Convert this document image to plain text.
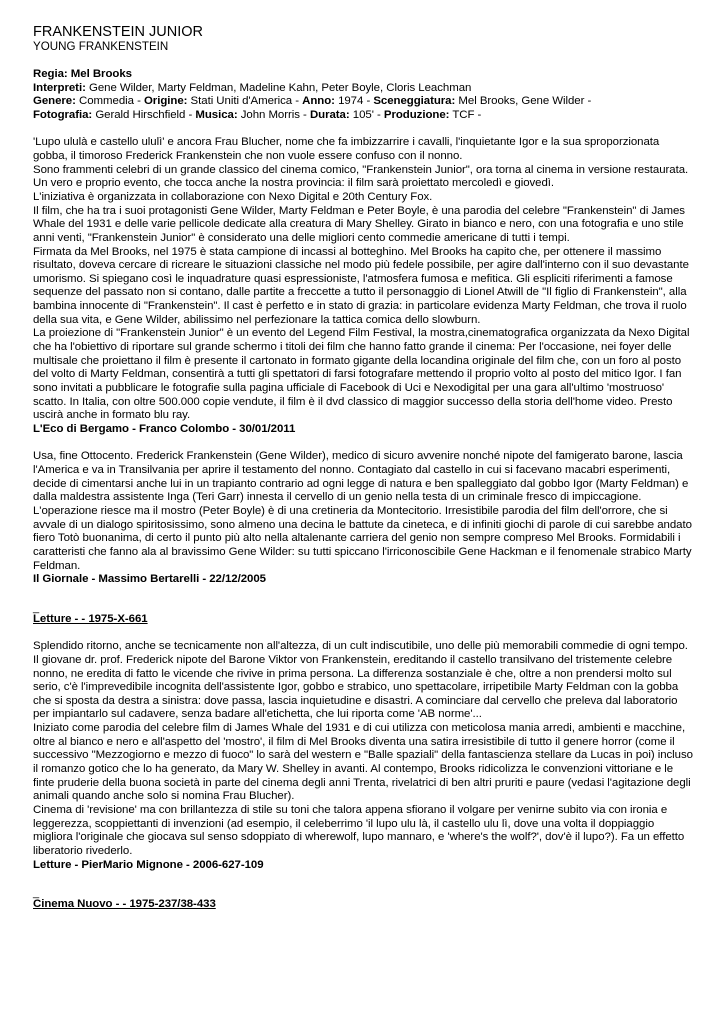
FRANKENSTEIN JUNIOR
YOUNG FRANKENSTEIN

Regia: Mel Brooks

Interpreti: Gene Wilder, Marty Feldman, Madeline Kahn, Peter Boyle, Cloris Leachman

Genere: Commedia - Origine: Stati Uniti d'America - Anno: 1974 - Sceneggiatura: Mel Brooks, Gene Wilder -
Fotografia: Gerald Hirschfield - Musica: John Morris - Durata: 105' - Produzione: TCF -

'Lupo ululà e castello ululì' e ancora Frau Blucher, nome che fa imbizzarrire i cavalli, l'inquietante Igor e la sua sproporzionata gobba, il timoroso Frederick Frankenstein che non vuole essere confuso con il nonno.

Sono frammenti celebri di un grande classico del cinema comico, "Frankenstein Junior", ora torna al cinema in versione restaurata. Un vero e proprio evento, che tocca anche la nostra provincia: il film sarà proiettato mercoledì e giovedì.

L'iniziativa è organizzata in collaborazione con Nexo Digital e 20th Century Fox.

Il film, che ha tra i suoi protagonisti Gene Wilder, Marty Feldman e Peter Boyle, è una parodia del celebre "Frankenstein" di James Whale del 1931 e delle varie pellicole dedicate alla creatura di Mary Shelley. Girato in bianco e nero, con una fotografia e uno stile anni venti, "Frankenstein Junior" è considerato una delle migliori cento commedie americane di tutti i tempi.

Firmata da Mel Brooks, nel 1975 è stata campione di incassi al botteghino. Mel Brooks ha capito che, per ottenere il massimo risultato, doveva cercare di ricreare le situazioni classiche nel modo più fedele possibile, per agire dall'interno con il suo devastante umorismo. Si spiegano così le inquadrature quasi espressioniste, l'atmosfera fumosa e mefitica. Gli espliciti riferimenti a famose sequenze del passato non si contano, dalle partite a freccette a tutto il personaggio di Lionel Atwill de "Il figlio di Frankenstein", alla bambina innocente di "Frankenstein". Il cast è perfetto e in stato di grazia: in particolare evidenza Marty Feldman, che trova il ruolo della sua vita, e Gene Wilder, abilissimo nel perfezionare la tattica comica dello slowburn.

La proiezione di "Frankenstein Junior" è un evento del Legend Film Festival, la mostra,cinematografica organizzata da Nexo Digital che ha l'obiettivo di riportare sul grande schermo i titoli dei film che hanno fatto grande il cinema: Per l'occasione, nei foyer delle multisale che proiettano il film è presente il cartonato in formato gigante della locandina originale del film che, con un foro al posto del volto di Marty Feldman, consentirà a tutti gli spettatori di farsi fotografare mettendo il proprio volto al posto del mitico Igor. I fan sono invitati a pubblicare le fotografie sulla pagina ufficiale di Facebook di Uci e Nexodigital per una gara all'ultimo 'mostruoso' scatto. In Italia, con oltre 500.000 copie vendute, il film è il dvd classico di maggior successo della storia dell'home video. Presto uscirà anche in formato blu ray.

L'Eco di Bergamo - Franco Colombo - 30/01/2011

Usa, fine Ottocento. Frederick Frankenstein (Gene Wilder), medico di sicuro avvenire nonché nipote del famigerato barone, lascia l'America e va in Transilvania per aprire il testamento del nonno. Contagiato dal castello in cui si facevano macabri esperimenti, decide di cimentarsi anche lui in un trapianto contrario ad ogni legge di natura e ben spalleggiato dal gobbo Igor (Marty Feldman) e dalla maldestra assistente Inga (Teri Garr) innesta il cervello di un genio nella testa di un criminale fresco di impiccagione. L'operazione riesce ma il mostro (Peter Boyle) è di una cretineria da Montecitorio. Irresistibile parodia del film dell'orrore, che si avvale di un dialogo spiritosissimo, sono almeno una decina le battute da cineteca, e di infiniti giochi di parole di cui sarebbe andato fiero Totò buonanima, di certo il punto più alto nella altalenante carriera del genio non sempre compreso Mel Brooks. Formidabili i caratteristi che fanno ala al bravissimo Gene Wilder: su tutti spiccano l'irriconoscibile Gene Hackman e il fenomenale strabico Marty Feldman.

Il Giornale - Massimo Bertarelli - 22/12/2005

_

Letture - - 1975-X-661

Splendido ritorno, anche se tecnicamente non all'altezza, di un cult indiscutibile, uno delle più memorabili commedie di ogni tempo. Il giovane dr. prof. Frederick nipote del Barone Viktor von Frankenstein, ereditando il castello transilvano del tristemente celebre nonno, ne eredita di fatto le vicende che rivive in prima persona. La differenza sostanziale è che, oltre a non prendersi molto sul serio, c'è l'imprevedibile incognita dell'assistente Igor, gobbo e strabico, uno spettacolare, irripetibile Marty Feldman con la gobba che si sposta da destra a sinistra: dove passa, lascia inquietudine e disastri. A cominciare dal cervello che preleva dal laboratorio per impiantarlo sul cadavere, senza badare all'etichetta, che lui riporta come 'AB norme'...

Iniziato come parodia del celebre film di James Whale del 1931 e di cui utilizza con meticolosa mania arredi, ambienti e macchine, oltre al bianco e nero e all'aspetto del 'mostro', il film di Mel Brooks diventa una satira irresistibile di tutto il genere horror (come il successivo "Mezzogiorno e mezzo di fuoco" lo sarà del western e "Balle spaziali" della fantascienza stellare da Lucas in poi) incluso il romanzo gotico che lo ha generato, da Mary W. Shelley in avanti. Al contempo, Brooks ridicolizza le convenzioni vittoriane e le finte pruderie della buona società in parte del cinema degli anni Trenta, rivelatrici di ben altri pruriti e paure (vedasi l'agitazione degli animali quando anche solo si nomina Frau Blucher).

Cinema di 'revisione' ma con brillantezza di stile su toni che talora appena sfiorano il volgare per venirne subito via con ironia e leggerezza, scoppiettanti di invenzioni (ad esempio, il celeberrimo 'il lupo ulu là, il castello ulu lì, dove una volta il doppiaggio migliora l'originale che giocava sul senso sdoppiato di wherewolf, lupo mannaro, e 'where's the wolf?', dov'è il lupo?). Fa un effetto liberatorio rivederlo.

Letture - PierMario Mignone - 2006-627-109

_

Cinema Nuovo - - 1975-237/38-433
